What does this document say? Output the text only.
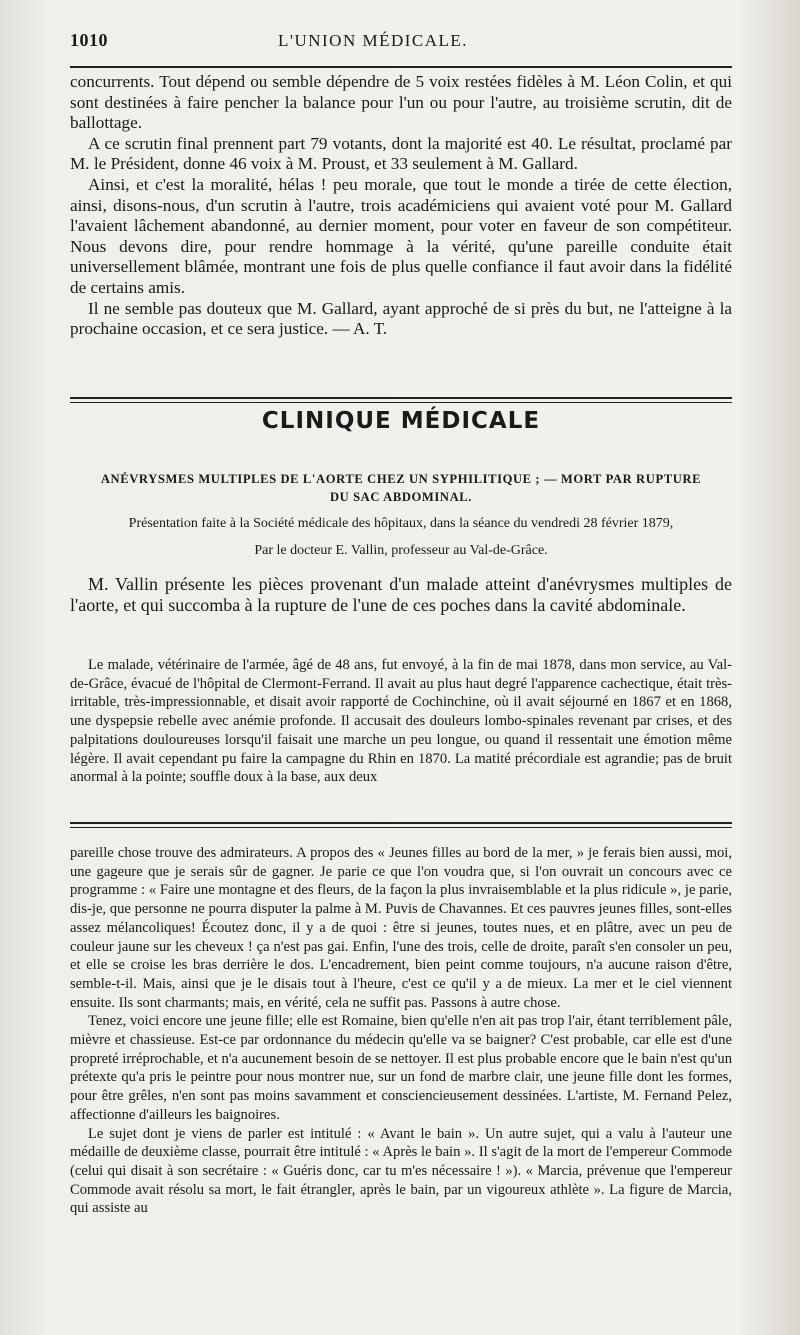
1010	L'UNION MÉDICALE.

concurrents. Tout dépend ou semble dépendre de 5 voix restées fidèles à M. Léon Colin, et qui sont destinées à faire pencher la balance pour l'un ou pour l'autre, au troisième scrutin, dit de ballottage.

A ce scrutin final prennent part 79 votants, dont la majorité est 40. Le résultat, proclamé par M. le Président, donne 46 voix à M. Proust, et 33 seulement à M. Gallard.

Ainsi, et c'est la moralité, hélas ! peu morale, que tout le monde a tirée de cette élection, ainsi, disons-nous, d'un scrutin à l'autre, trois académiciens qui avaient voté pour M. Gallard l'avaient lâchement abandonné, au dernier moment, pour voter en faveur de son compétiteur. Nous devons dire, pour rendre hommage à la vérité, qu'une pareille conduite était universellement blâmée, montrant une fois de plus quelle confiance il faut avoir dans la fidélité de certains amis.

Il ne semble pas douteux que M. Gallard, ayant approché de si près du but, ne l'atteigne à la prochaine occasion, et ce sera justice. — A. T.

CLINIQUE MÉDICALE
ANÉVRYSMES MULTIPLES DE L'AORTE CHEZ UN SYPHILITIQUE ; — MORT PAR RUPTURE
DU SAC ABDOMINAL.
Présentation faite à la Société médicale des hôpitaux, dans la séance du vendredi 28 février 1879,
Par le docteur E. Vallin, professeur au Val-de-Grâce.

M. Vallin présente les pièces provenant d'un malade atteint d'anévrysmes multiples de l'aorte, et qui succomba à la rupture de l'une de ces poches dans la cavité abdominale.

Le malade, vétérinaire de l'armée, âgé de 48 ans, fut envoyé, à la fin de mai 1878, dans mon service, au Val-de-Grâce, évacué de l'hôpital de Clermont-Ferrand. Il avait au plus haut degré l'apparence cachectique, était très-irritable, très-impressionnable, et disait avoir rapporté de Cochinchine, où il avait séjourné en 1867 et en 1868, une dyspepsie rebelle avec anémie profonde. Il accusait des douleurs lombo-spinales revenant par crises, et des palpitations douloureuses lorsqu'il faisait une marche un peu longue, ou quand il ressentait une émotion même légère. Il avait cependant pu faire la campagne du Rhin en 1870. La matité précordiale est agrandie; pas de bruit anormal à la pointe; souffle doux à la base, aux deux

pareille chose trouve des admirateurs. A propos des « Jeunes filles au bord de la mer, » je ferais bien aussi, moi, une gageure que je serais sûr de gagner. Je parie ce que l'on voudra que, si l'on ouvrait un concours avec ce programme : « Faire une montagne et des fleurs, de la façon la plus invraisemblable et la plus ridicule », je parie, dis-je, que personne ne pourra disputer la palme à M. Puvis de Chavannes. Et ces pauvres jeunes filles, sont-elles assez mélancoliques! Écoutez donc, il y a de quoi : être si jeunes, toutes nues, et en plâtre, avec un peu de couleur jaune sur les cheveux ! ça n'est pas gai. Enfin, l'une des trois, celle de droite, paraît s'en consoler un peu, et elle se croise les bras derrière le dos. L'encadrement, bien peint comme toujours, n'a aucune raison d'être, semble-t-il. Mais, ainsi que je le disais tout à l'heure, c'est ce qu'il y a de mieux. La mer et le ciel viennent ensuite. Ils sont charmants; mais, en vérité, cela ne suffit pas. Passons à autre chose.

Tenez, voici encore une jeune fille; elle est Romaine, bien qu'elle n'en ait pas trop l'air, étant terriblement pâle, mièvre et chassieuse. Est-ce par ordonnance du médecin qu'elle va se baigner? C'est probable, car elle est d'une propreté irréprochable, et n'a aucunement besoin de se nettoyer. Il est plus probable encore que le bain n'est qu'un prétexte qu'a pris le peintre pour nous montrer nue, sur un fond de marbre clair, une jeune fille dont les formes, pour être grêles, n'en sont pas moins savamment et consciencieusement dessinées. L'artiste, M. Fernand Pelez, affectionne d'ailleurs les baignoires.

Le sujet dont je viens de parler est intitulé : « Avant le bain ». Un autre sujet, qui a valu à l'auteur une médaille de deuxième classe, pourrait être intitulé : « Après le bain ». Il s'agit de la mort de l'empereur Commode (celui qui disait à son secrétaire : « Guéris donc, car tu m'es nécessaire ! »). « Marcia, prévenue que l'empereur Commode avait résolu sa mort, le fait étrangler, après le bain, par un vigoureux athlète ». La figure de Marcia, qui assiste au
